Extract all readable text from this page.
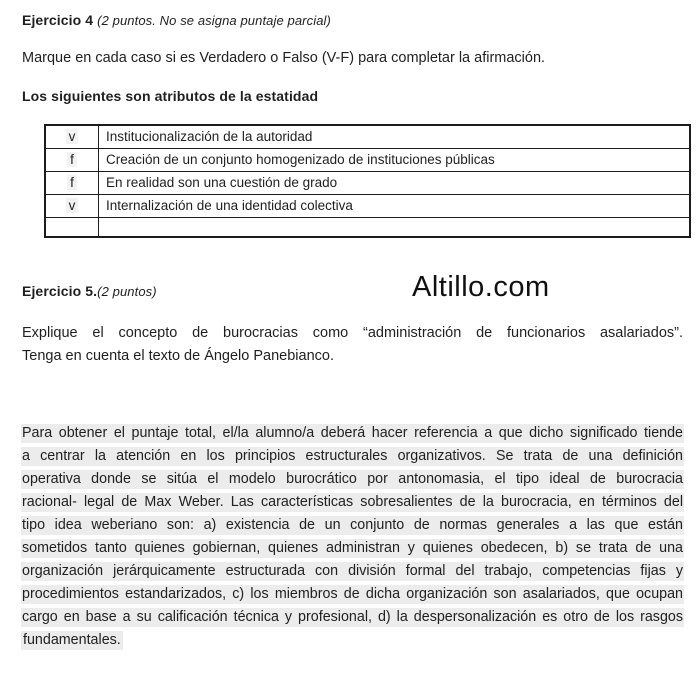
Ejercicio 4 (2 puntos. No se asigna puntaje parcial)
Marque en cada caso si es Verdadero o Falso (V-F) para completar la afirmación.
Los siguientes son atributos de la estatidad
v	Institucionalización de la autoridad
f	Creación de un conjunto homogenizado de instituciones públicas
f	En realidad son una cuestión de grado
v	Internalización de una identidad colectiva

Ejercicio 5.(2 puntos)	Altillo.com
Explique el concepto de burocracias como “administración de funcionarios asalariados”.
Tenga en cuenta el texto de Ángelo Panebianco.
Para obtener el puntaje total, el/la alumno/a deberá hacer referencia a que dicho significado tiende
a centrar la atención en los principios estructurales organizativos. Se trata de una definición
operativa donde se sitúa el modelo burocrático por antonomasia, el tipo ideal de burocracia
racional- legal de Max Weber. Las características sobresalientes de la burocracia, en términos del
tipo idea weberiano son: a) existencia de un conjunto de normas generales a las que están
sometidos tanto quienes gobiernan, quienes administran y quienes obedecen, b) se trata de una
organización jerárquicamente estructurada con división formal del trabajo, competencias fijas y
procedimientos estandarizados, c) los miembros de dicha organización son asalariados, que ocupan
cargo en base a su calificación técnica y profesional, d) la despersonalización es otro de los rasgos
fundamentales.
